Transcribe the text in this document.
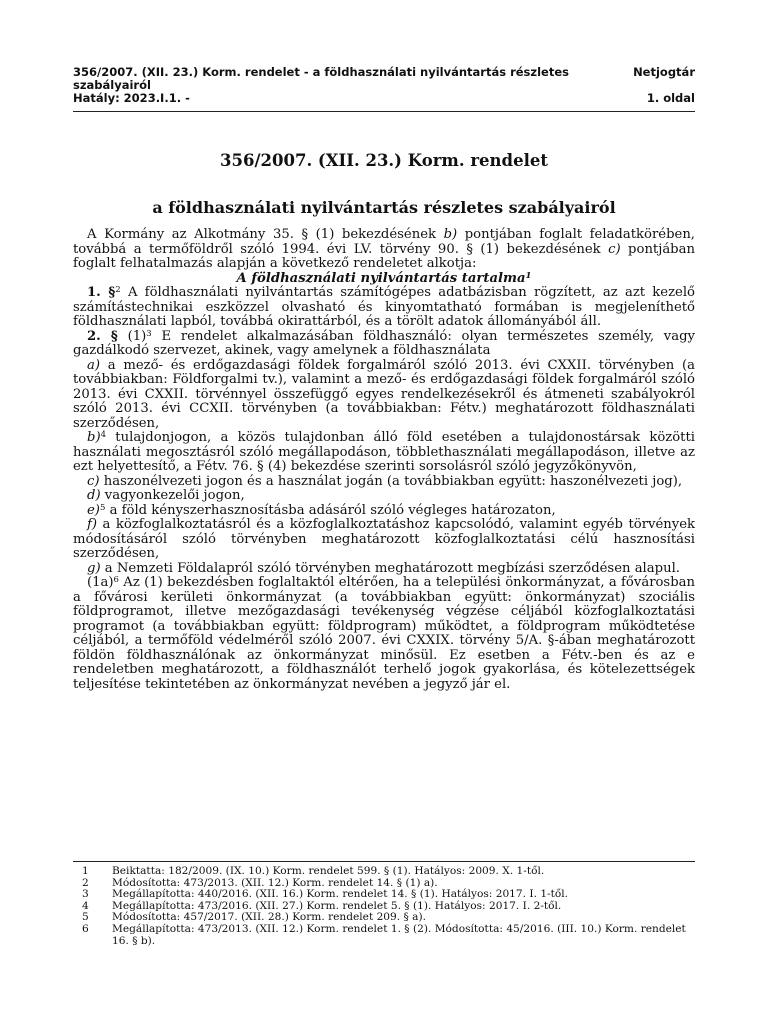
356/2007. (XII. 23.) Korm. rendelet - a földhasználati nyilvántartás részletes szabályairól
Netjogtár
Hatály: 2023.I.1. -	1. oldal
356/2007. (XII. 23.) Korm. rendelet
a földhasználati nyilvántartás részletes szabályairól

A Kormány az Alkotmány 35. § (1) bekezdésének b) pontjában foglalt feladatkörében, továbbá a termőföldről szóló 1994. évi LV. törvény 90. § (1) bekezdésének c) pontjában foglalt felhatalmazás alapján a következő rendeletet alkotja:

A földhasználati nyilvántartás tartalma$^1$

1. §$^2$ A földhasználati nyilvántartás számítógépes adatbázisban rögzített, az azt kezelő számítástechnikai eszközzel olvasható és kinyomtatható formában is megjeleníthető földhasználati lapból, továbbá okirattárból, és a törölt adatok állományából áll.

2. § $(1)^3$ E rendelet alkalmazásában földhasználó: olyan természetes személy, vagy gazdálkodó szervezet, akinek, vagy amelynek a földhasználata

a) a mező- és erdőgazdasági földek forgalmáról szóló 2013. évi CXXII. törvényben (a továbbiakban: Földforgalmi tv.), valamint a mező- és erdőgazdasági földek forgalmáról szóló 2013. évi CXXII. törvénnyel összefüggő egyes rendelkezésekről és átmeneti szabályokról szóló 2013. évi CCXII. törvényben (a továbbiakban: Fétv.) meghatározott földhasználati szerződésen,

b)$^4$ tulajdonjogon, a közös tulajdonban álló föld esetében a tulajdonostársak közötti használati megosztásról szóló megállapodáson, többlethasználati megállapodáson, illetve az ezt helyettesítő, a Fétv. 76. § (4) bekezdése szerinti sorsolásról szóló jegyzőkönyvön,

c) haszonélvezeti jogon és a használat jogán (a továbbiakban együtt: haszonélvezeti jog),

d) vagyonkezelői jogon,

e)$^5$ a föld kényszerhasznosításba adásáról szóló végleges határozaton,

f) a közfoglalkoztatásról és a közfoglalkoztatáshoz kapcsolódó, valamint egyéb törvények módosításáról szóló törvényben meghatározott közfoglalkoztatási célú hasznosítási szerződésen,

g) a Nemzeti Földalapról szóló törvényben meghatározott megbízási szerződésen alapul.

$(1a)^6$ Az (1) bekezdésben foglaltaktól eltérően, ha a települési önkormányzat, a fővárosban a fővárosi kerületi önkormányzat (a továbbiakban együtt: önkormányzat) szociális földprogramot, illetve mezőgazdasági tevékenység végzése céljából közfoglalkoztatási programot (a továbbiakban együtt: földprogram) működtet, a földprogram működtetése céljából, a termőföld védelméről szóló 2007. évi CXXIX. törvény 5/A. §-ában meghatározott földön földhasználónak az önkormányzat minősül. Ez esetben a Fétv.-ben és az e rendeletben meghatározott, a földhasználót terhelő jogok gyakorlása, és kötelezettségek teljesítése tekintetében az önkormányzat nevében a jegyző jár el.

1	Beiktatta: 182/2009. (IX. 10.) Korm. rendelet 599. § (1). Hatályos: 2009. X. 1-től.
2	Módosította: 473/2013. (XII. 12.) Korm. rendelet 14. § (1) a).
3	Megállapította: 440/2016. (XII. 16.) Korm. rendelet 14. § (1). Hatályos: 2017. I. 1-től.
4	Megállapította: 473/2016. (XII. 27.) Korm. rendelet 5. § (1). Hatályos: 2017. I. 2-től.
5	Módosította: 457/2017. (XII. 28.) Korm. rendelet 209. § a).
6	Megállapította: 473/2013. (XII. 12.) Korm. rendelet 1. § (2). Módosította: 45/2016. (III. 10.) Korm. rendelet 16. § b).
